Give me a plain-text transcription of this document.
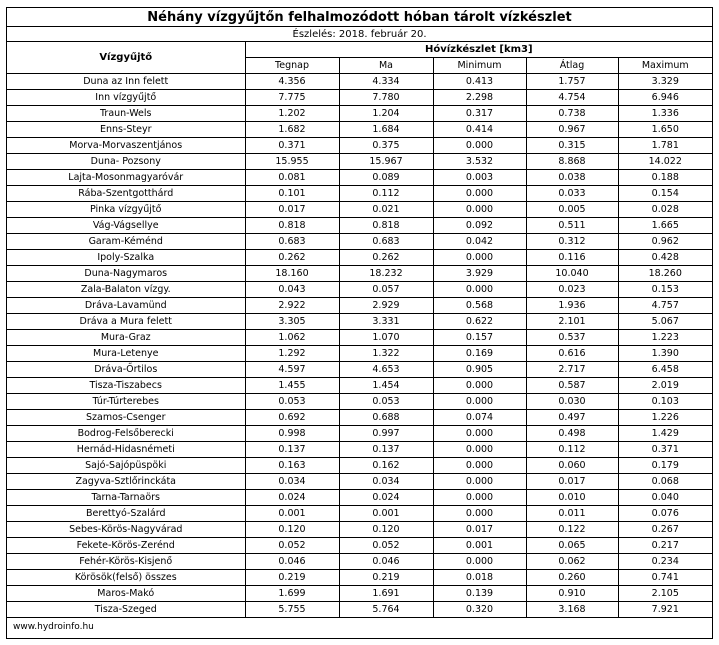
Néhány vízgyűjtőn felhalmozódott hóban tárolt vízkészlet					
Észlelés: 2018. február 20.					
Vízgyűjtő	Hóvízkészlet [km3]				
	Tegnap	Ma	Minimum	Átlag	Maximum
Duna az Inn felett	4.356	4.334	0.413	1.757	3.329
Inn vízgyűjtő	7.775	7.780	2.298	4.754	6.946
Traun-Wels	1.202	1.204	0.317	0.738	1.336
Enns-Steyr	1.682	1.684	0.414	0.967	1.650
Morva-Morvaszentjános	0.371	0.375	0.000	0.315	1.781
Duna- Pozsony	15.955	15.967	3.532	8.868	14.022
Lajta-Mosonmagyaróvár	0.081	0.089	0.003	0.038	0.188
Rába-Szentgotthárd	0.101	0.112	0.000	0.033	0.154
Pinka vízgyűjtő	0.017	0.021	0.000	0.005	0.028
Vág-Vágsellye	0.818	0.818	0.092	0.511	1.665
Garam-Kéménd	0.683	0.683	0.042	0.312	0.962
Ipoly-Szalka	0.262	0.262	0.000	0.116	0.428
Duna-Nagymaros	18.160	18.232	3.929	10.040	18.260
Zala-Balaton vízgy.	0.043	0.057	0.000	0.023	0.153
Dráva-Lavamünd	2.922	2.929	0.568	1.936	4.757
Dráva a Mura felett	3.305	3.331	0.622	2.101	5.067
Mura-Graz	1.062	1.070	0.157	0.537	1.223
Mura-Letenye	1.292	1.322	0.169	0.616	1.390
Dráva-Őrtilos	4.597	4.653	0.905	2.717	6.458
Tisza-Tiszabecs	1.455	1.454	0.000	0.587	2.019
Túr-Túrterebes	0.053	0.053	0.000	0.030	0.103
Szamos-Csenger	0.692	0.688	0.074	0.497	1.226
Bodrog-Felsőberecki	0.998	0.997	0.000	0.498	1.429
Hernád-Hidasnémeti	0.137	0.137	0.000	0.112	0.371
Sajó-Sajópüspöki	0.163	0.162	0.000	0.060	0.179
Zagyva-Sztlőrinckáta	0.034	0.034	0.000	0.017	0.068
Tarna-Tarnaörs	0.024	0.024	0.000	0.010	0.040
Berettyó-Szalárd	0.001	0.001	0.000	0.011	0.076
Sebes-Körös-Nagyvárad	0.120	0.120	0.017	0.122	0.267
Fekete-Körös-Zerénd	0.052	0.052	0.001	0.065	0.217
Fehér-Körös-Kisjenő	0.046	0.046	0.000	0.062	0.234
Körösök(felső) összes	0.219	0.219	0.018	0.260	0.741
Maros-Makó	1.699	1.691	0.139	0.910	2.105
Tisza-Szeged	5.755	5.764	0.320	3.168	7.921
www.hydroinfo.hu					
